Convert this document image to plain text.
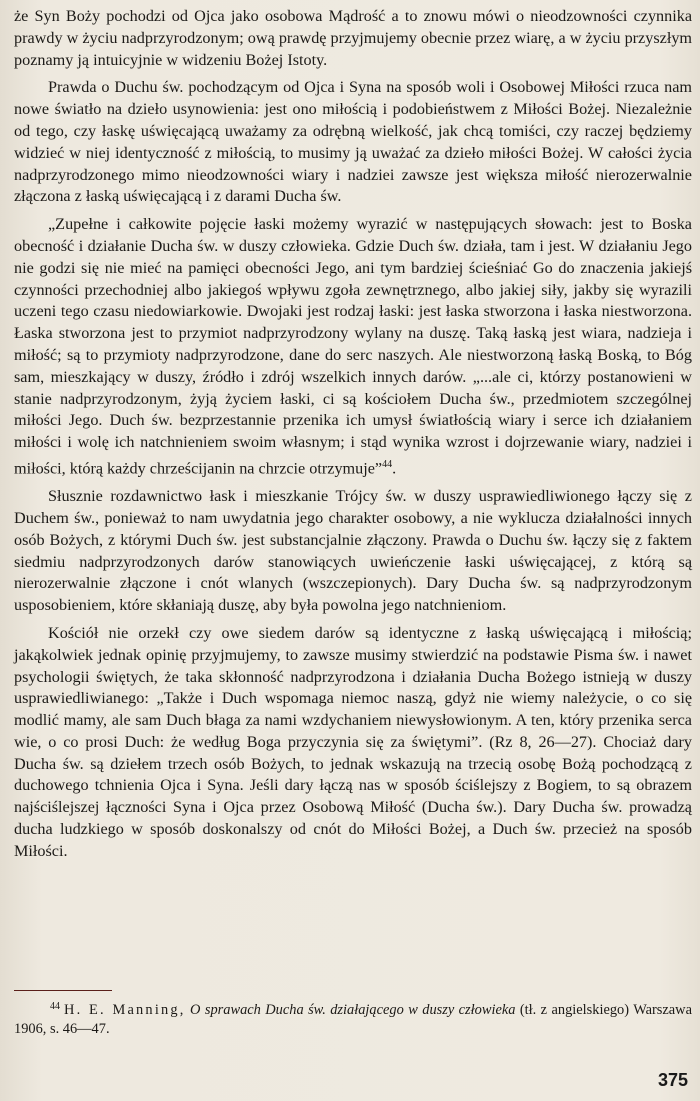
że Syn Boży pochodzi od Ojca jako osobowa Mądrość a to znowu mówi o nieodzowności czynnika prawdy w życiu nadprzyrodzonym; ową prawdę przyjmujemy obecnie przez wiarę, a w życiu przyszłym poznamy ją intuicyjnie w widzeniu Bożej Istoty.

Prawda o Duchu św. pochodzącym od Ojca i Syna na sposób woli i Osobowej Miłości rzuca nam nowe światło na dzieło usynowienia: jest ono miłością i podobieństwem z Miłości Bożej. Niezależnie od tego, czy łaskę uświęcającą uważamy za odrębną wielkość, jak chcą tomiści, czy raczej będziemy widzieć w niej identyczność z miłością, to musimy ją uważać za dzieło miłości Bożej. W całości życia nadprzyrodzonego mimo nieodzowności wiary i nadziei zawsze jest większa miłość nierozerwalnie złączona z łaską uświęcającą i z darami Ducha św.

„Zupełne i całkowite pojęcie łaski możemy wyrazić w następujących słowach: jest to Boska obecność i działanie Ducha św. w duszy człowieka. Gdzie Duch św. działa, tam i jest. W działaniu Jego nie godzi się nie mieć na pamięci obecności Jego, ani tym bardziej ścieśniać Go do znaczenia jakiejś czynności przechodniej albo jakiegoś wpływu zgoła zewnętrznego, albo jakiej siły, jakby się wyrazili uczeni tego czasu niedowiarkowie. Dwojaki jest rodzaj łaski: jest łaska stworzona i łaska niestworzona. Łaska stworzona jest to przymiot nadprzyrodzony wylany na duszę. Taką łaską jest wiara, nadzieja i miłość; są to przymioty nadprzyrodzone, dane do serc naszych. Ale niestworzoną łaską Boską, to Bóg sam, mieszkający w duszy, źródło i zdrój wszelkich innych darów. „...ale ci, którzy postanowieni w stanie nadprzyrodzonym, żyją życiem łaski, ci są kościołem Ducha św., przedmiotem szczególnej miłości Jego. Duch św. bezprzestannie przenika ich umysł światłością wiary i serce ich działaniem miłości i wolę ich natchnieniem swoim własnym; i stąd wynika wzrost i dojrzewanie wiary, nadziei i miłości, którą każdy chrześcijanin na chrzcie otrzymuje”$^{44}$.

Słusznie rozdawnictwo łask i mieszkanie Trójcy św. w duszy usprawiedliwionego łączy się z Duchem św., ponieważ to nam uwydatnia jego charakter osobowy, a nie wyklucza działalności innych osób Bożych, z którymi Duch św. jest substancjalnie złączony. Prawda o Duchu św. łączy się z faktem siedmiu nadprzyrodzonych darów stanowiących uwieńczenie łaski uświęcającej, z którą są nierozerwalnie złączone i cnót wlanych (wszczepionych). Dary Ducha św. są nadprzyrodzonym usposobieniem, które skłaniają duszę, aby była powolna jego natchnieniom.

Kościół nie orzekł czy owe siedem darów są identyczne z łaską uświęcającą i miłością; jakąkolwiek jednak opinię przyjmujemy, to zawsze musimy stwierdzić na podstawie Pisma św. i nawet psychologii świętych, że taka skłonność nadprzyrodzona i działania Ducha Bożego istnieją w duszy usprawiedliwianego: „Także i Duch wspomaga niemoc naszą, gdyż nie wiemy należycie, o co się modlić mamy, ale sam Duch błaga za nami wzdychaniem niewysłowionym. A ten, który przenika serca wie, o co prosi Duch: że według Boga przyczynia się za świętymi”. (Rz 8, 26—27). Chociaż dary Ducha św. są dziełem trzech osób Bożych, to jednak wskazują na trzecią osobę Bożą pochodzącą z duchowego tchnienia Ojca i Syna. Jeśli dary łączą nas w sposób ściślejszy z Bogiem, to są obrazem najściślejszej łączności Syna i Ojca przez Osobową Miłość (Ducha św.). Dary Ducha św. prowadzą ducha ludzkiego w sposób doskonalszy od cnót do Miłości Bożej, a Duch św. przecież na sposób Miłości.

$^{44}$ H. E. Manning, O sprawach Ducha św. działającego w duszy człowieka (tł. z angielskiego) Warszawa 1906, s. 46—47.
375
